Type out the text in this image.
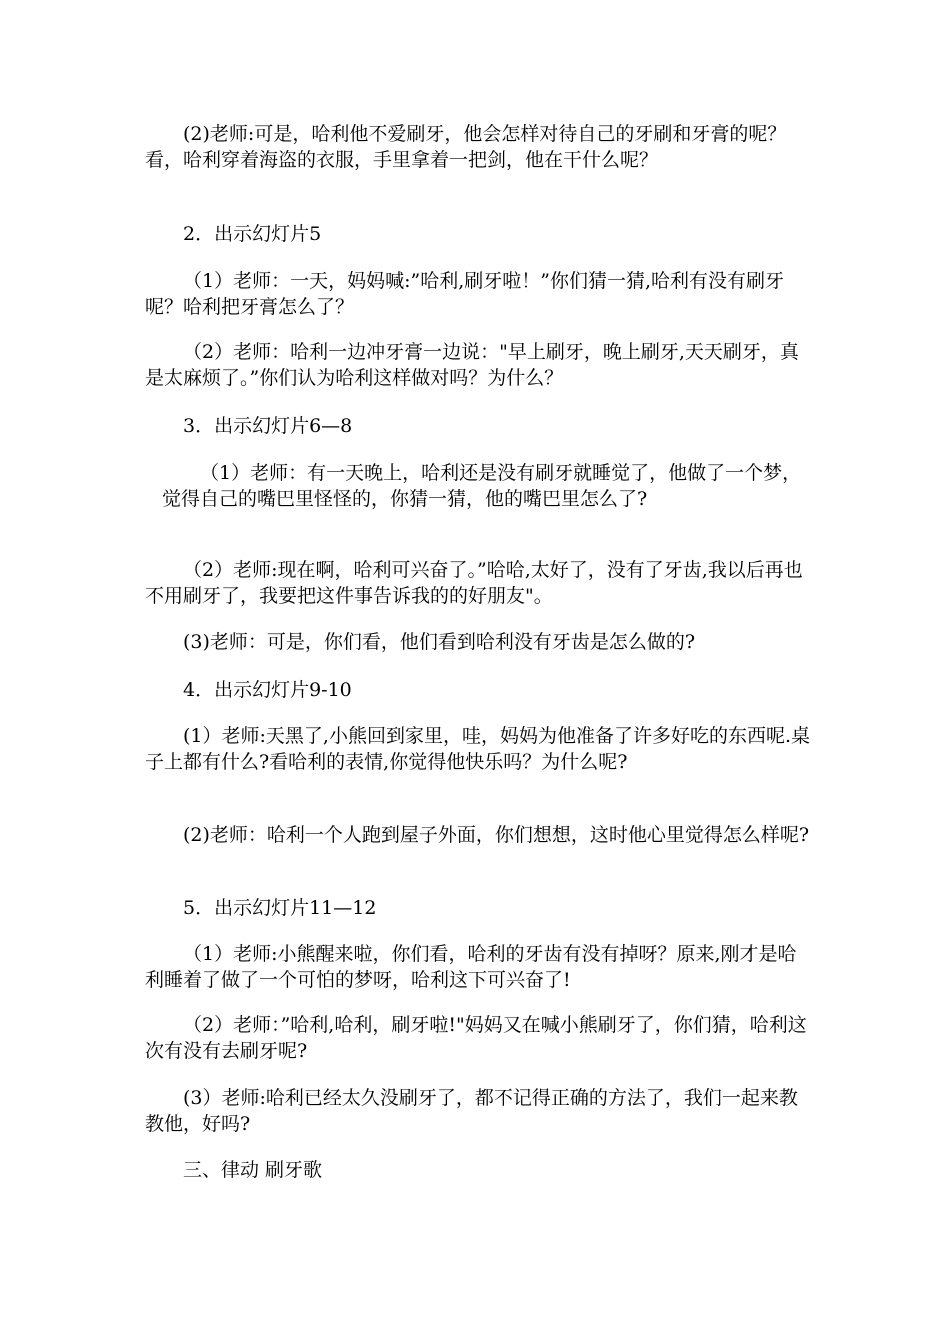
(2)老师:可是，哈利他不爱刷牙，他会怎样对待自己的牙刷和牙膏的呢？看，哈利穿着海盗的衣服，手里拿着一把剑，他在干什么呢？

2．出示幻灯片5

（1）老师：一天，妈妈喊:”哈利,刷牙啦！”你们猜一猜,哈利有没有刷牙呢？哈利把牙膏怎么了？

（2）老师：哈利一边冲牙膏一边说："早上刷牙，晚上刷牙,天天刷牙，真是太麻烦了。”你们认为哈利这样做对吗？为什么？

3．出示幻灯片6—8

（1）老师：有一天晚上，哈利还是没有刷牙就睡觉了，他做了一个梦，觉得自己的嘴巴里怪怪的，你猜一猜，他的嘴巴里怎么了?

（2）老师:现在啊，哈利可兴奋了。”哈哈,太好了，没有了牙齿,我以后再也不用刷牙了，我要把这件事告诉我的的好朋友"。

(3)老师：可是，你们看，他们看到哈利没有牙齿是怎么做的?

4．出示幻灯片9-10

(1）老师:天黑了,小熊回到家里，哇，妈妈为他准备了许多好吃的东西呢.桌子上都有什么?看哈利的表情,你觉得他快乐吗？为什么呢?

(2)老师：哈利一个人跑到屋子外面，你们想想，这时他心里觉得怎么样呢?

5．出示幻灯片11—12

（1）老师:小熊醒来啦，你们看，哈利的牙齿有没有掉呀？原来,刚才是哈利睡着了做了一个可怕的梦呀，哈利这下可兴奋了!

（2）老师：”哈利,哈利，刷牙啦!"妈妈又在喊小熊刷牙了，你们猜，哈利这次有没有去刷牙呢?

(3）老师:哈利已经太久没刷牙了，都不记得正确的方法了，我们一起来教教他，好吗?

三、律动 刷牙歌
